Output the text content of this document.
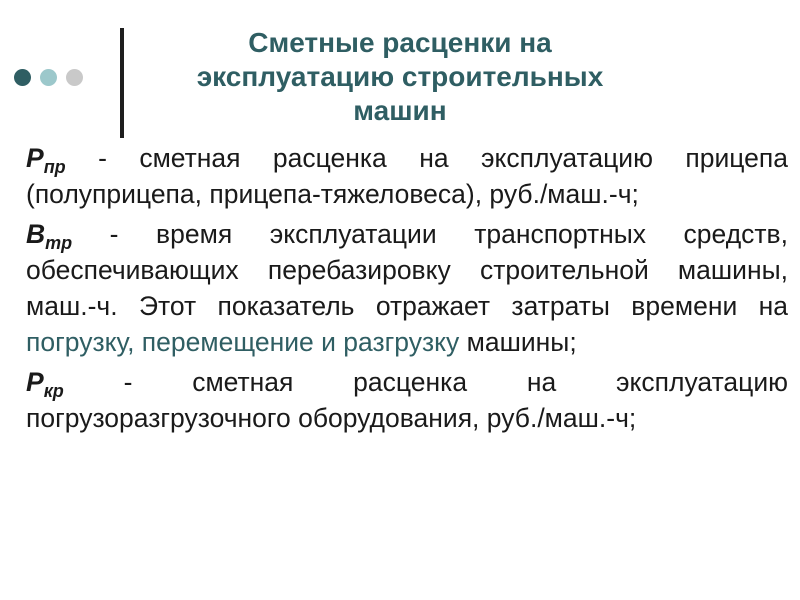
Сметные расценки на
эксплуатацию строительных
машин

$Р_{пр}$ - сметная расценка на эксплуатацию прицепа (полуприцепа, прицепа-тяжеловеса), руб./маш.-ч;

$В_{тр}$ - время эксплуатации транспортных средств, обеспечивающих перебазировку строительной машины, маш.-ч. Этот показатель отражает затраты времени на погрузку, перемещение и разгрузку машины;

$Р_{кр}$ - сметная расценка на эксплуатацию погрузоразгрузочного оборудования, руб./маш.-ч;
